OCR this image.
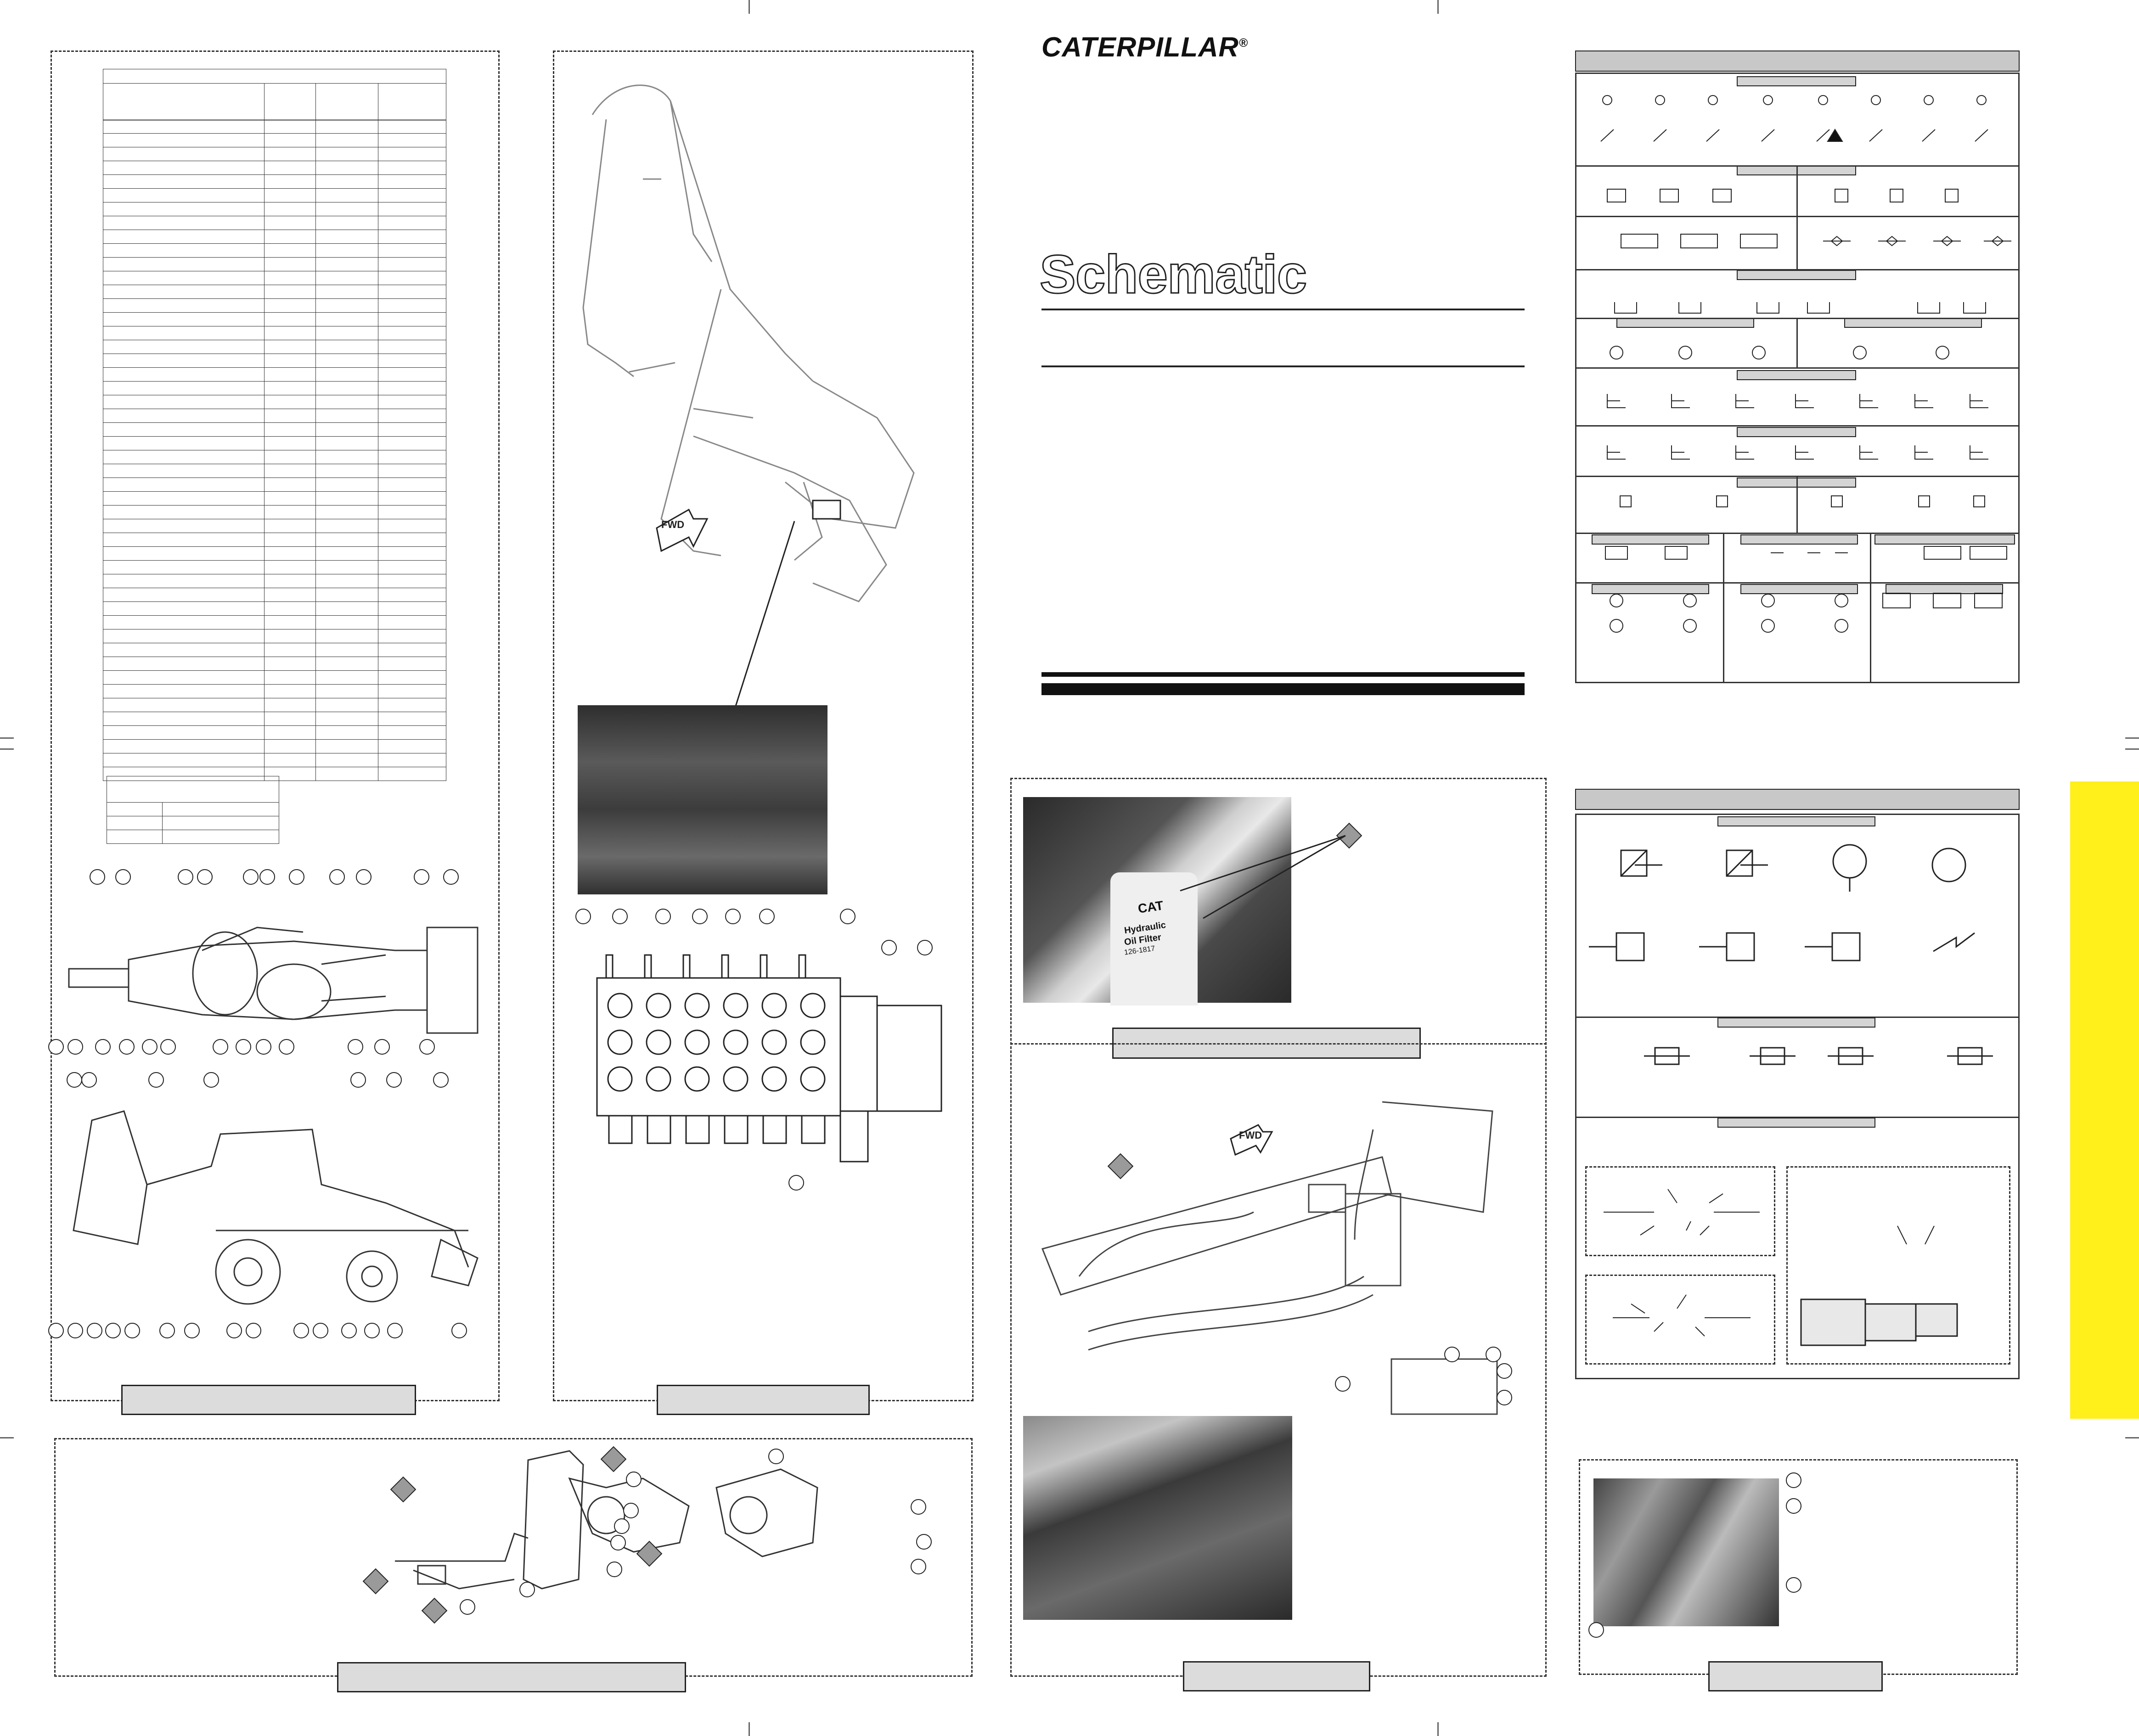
FWD
CATERPILLAR®
Schematic
CAT
Hydraulic
Oil Filter
126-1817
FWD
